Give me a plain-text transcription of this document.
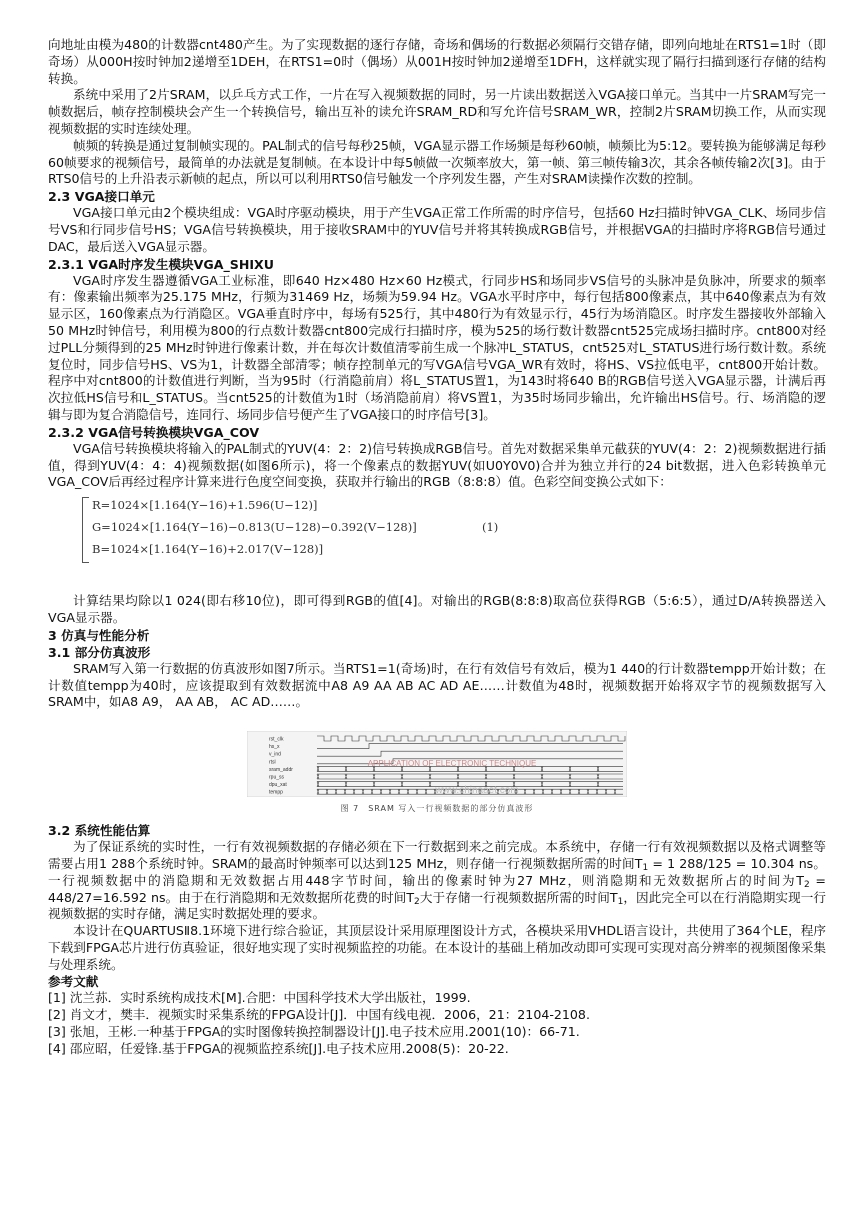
向地址由模为480的计数器cnt480产生。为了实现数据的逐行存储，奇场和偶场的行数据必须隔行交错存储，即列向地址在RTS1=1时（即奇场）从000H按时钟加2递增至1DEH，在RTS1=0时（偶场）从001H按时钟加2递增至1DFH，这样就实现了隔行扫描到逐行存储的结构转换。

系统中采用了2片SRAM，以乒乓方式工作，一片在写入视频数据的同时，另一片读出数据送入VGA接口单元。当其中一片SRAM写完一帧数据后，帧存控制模块会产生一个转换信号，输出互补的读允许SRAM_RD和写允许信号SRAM_WR，控制2片SRAM切换工作，从而实现视频数据的实时连续处理。

帧频的转换是通过复制帧实现的。PAL制式的信号每秒25帧，VGA显示器工作场频是每秒60帧，帧频比为5:12。要转换为能够满足每秒60帧要求的视频信号，最简单的办法就是复制帧。在本设计中每5帧做一次频率放大，第一帧、第三帧传输3次，其余各帧传输2次[3]。由于RTS0信号的上升沿表示新帧的起点，所以可以利用RTS0信号触发一个序列发生器，产生对SRAM读操作次数的控制。

2.3 VGA接口单元

VGA接口单元由2个模块组成：VGA时序驱动模块，用于产生VGA正常工作所需的时序信号，包括60 Hz扫描时钟VGA_CLK、场同步信号VS和行同步信号HS；VGA信号转换模块，用于接收SRAM中的YUV信号并将其转换成RGB信号，并根据VGA的扫描时序将RGB信号通过DAC，最后送入VGA显示器。

2.3.1 VGA时序发生模块VGA_SHIXU

VGA时序发生器遵循VGA工业标准，即640 Hz×480 Hz×60 Hz模式，行同步HS和场同步VS信号的头脉冲是负脉冲，所要求的频率有：像素输出频率为25.175 MHz，行频为31469 Hz，场频为59.94 Hz。VGA水平时序中，每行包括800像素点，其中640像素点为有效显示区，160像素点为行消隐区。VGA垂直时序中，每场有525行，其中480行为有效显示行，45行为场消隐区。时序发生器接收外部输入50 MHz时钟信号，利用模为800的行点数计数器cnt800完成行扫描时序，模为525的场行数计数器cnt525完成场扫描时序。cnt800对经过PLL分频得到的25 MHz时钟进行像素计数，并在每次计数值清零前生成一个脉冲L_STATUS，cnt525对L_STATUS进行场行数计数。系统复位时，同步信号HS、VS为1，计数器全部清零；帧存控制单元的写VGA信号VGA_WR有效时，将HS、VS拉低电平，cnt800开始计数。程序中对cnt800的计数值进行判断，当为95时（行消隐前肩）将L_STATUS置1，为143时将640 B的RGB信号送入VGA显示器，计满后再次拉低HS信号和L_STATUS。当cnt525的计数值为1时（场消隐前肩）将VS置1，为35时场同步输出，允许输出HS信号。行、场消隐的逻辑与即为复合消隐信号，连同行、场同步信号便产生了VGA接口的时序信号[3]。

2.3.2 VGA信号转换模块VGA_COV

VGA信号转换模块将输入的PAL制式的YUV(4：2：2)信号转换成RGB信号。首先对数据采集单元截获的YUV(4：2：2)视频数据进行插值，得到YUV(4：4：4)视频数据(如图6所示)，将一个像素点的数据YUV(如U0Y0V0)合并为独立并行的24 bit数据，进入色彩转换单元VGA_COV后再经过程序计算来进行色度空间变换，获取并行输出的RGB（8:8:8）值。色彩空间变换公式如下：

R=1024×[1.164(Y−16)+1.596(U−12)]
G=1024×[1.164(Y−16)−0.813(U−128)−0.392(V−128)]
B=1024×[1.164(Y−16)+2.017(V−128)]
(1)

计算结果均除以1 024(即右移10位)，即可得到RGB的值[4]。对输出的RGB(8:8:8)取高位获得RGB（5:6:5），通过D/A转换器送入VGA显示器。

3 仿真与性能分析
3.1 部分仿真波形

SRAM写入第一行数据的仿真波形如图7所示。当RTS1=1(奇场)时，在行有效信号有效后，模为1 440的行计数器tempp开始计数；在计数值tempp为40时，应该提取到有效数据流中A8 A9 AA AB AC AD AE……计数值为48时，视频数据开始将双字节的视频数据写入SRAM中，如A8 A9， AA AB， AC AD……。

rst_clk
hs_x
v_ind
rtsl
sram_addr
rpu_ss
dpu_xat
tempp
APPLICATION OF ELECTRONIC TECHNIQUE
www.chinaaet.com
图 7　SRAM 写入一行视频数据的部分仿真波形
3.2 系统性能估算

为了保证系统的实时性，一行有效视频数据的存储必须在下一行数据到来之前完成。本系统中，存储一行有效视频数据以及格式调整等需要占用1 288个系统时钟。SRAM的最高时钟频率可以达到125 MHz，则存储一行视频数据所需的时间$T_1 = 1$ 288/125 = 10.304 ns。一行视频数据中的消隐期和无效数据占用448字节时间，输出的像素时钟为27 MHz，则消隐期和无效数据所占的时间为$T_2 = 448/27=16.592$ ns。由于在行消隐期和无效数据所花费的时间$T_2$大于存储一行视频数据所需的时间$T_1$，因此完全可以在行消隐期实现一行视频数据的实时存储，满足实时数据处理的要求。

本设计在QUARTUSⅡ8.1环境下进行综合验证，其顶层设计采用原理图设计方式，各模块采用VHDL语言设计，共使用了364个LE，程序下载到FPGA芯片进行仿真验证，很好地实现了实时视频监控的功能。在本设计的基础上稍加改动即可实现可实现对高分辨率的视频图像采集与处理系统。

参考文献

[1] 沈兰荪．实时系统构成技术[M].合肥：中国科学技术大学出版社，1999.

[2] 肖文才，樊丰．视频实时采集系统的FPGA设计[J]．中国有线电视．2006，21：2104-2108.

[3] 张旭，王彬.一种基于FPGA的实时图像转换控制器设计[J].电子技术应用.2001(10)：66-71.

[4] 邵应昭，任爱锋.基于FPGA的视频监控系统[J].电子技术应用.2008(5)：20-22.
